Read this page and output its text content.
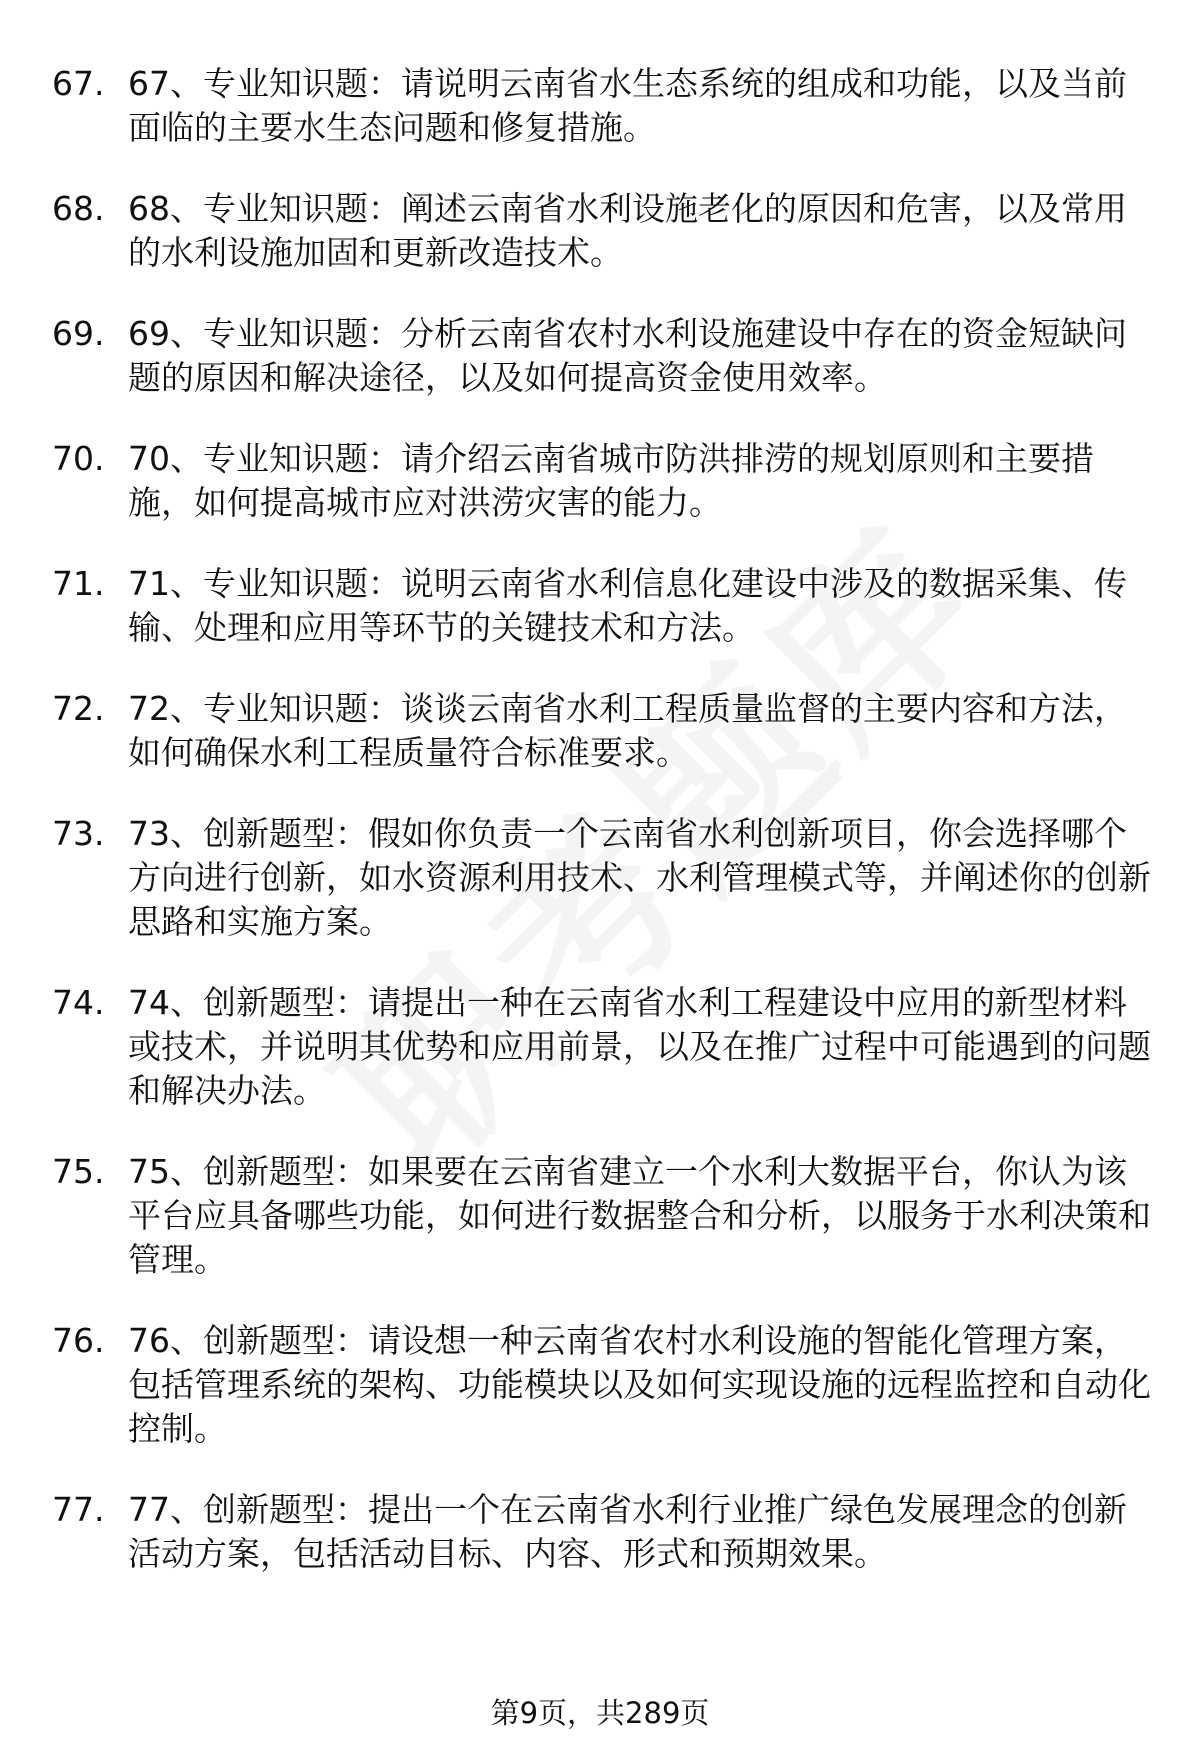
67. 67、专业知识题：请说明云南省水生态系统的组成和功能，以及当前面临的主要水生态问题和修复措施。
68. 68、专业知识题：阐述云南省水利设施老化的原因和危害，以及常用的水利设施加固和更新改造技术。
69. 69、专业知识题：分析云南省农村水利设施建设中存在的资金短缺问题的原因和解决途径，以及如何提高资金使用效率。
70. 70、专业知识题：请介绍云南省城市防洪排涝的规划原则和主要措施，如何提高城市应对洪涝灾害的能力。
71. 71、专业知识题：说明云南省水利信息化建设中涉及的数据采集、传输、处理和应用等环节的关键技术和方法。
72. 72、专业知识题：谈谈云南省水利工程质量监督的主要内容和方法，如何确保水利工程质量符合标准要求。
73. 73、创新题型：假如你负责一个云南省水利创新项目，你会选择哪个方向进行创新，如水资源利用技术、水利管理模式等，并阐述你的创新思路和实施方案。
74. 74、创新题型：请提出一种在云南省水利工程建设中应用的新型材料或技术，并说明其优势和应用前景，以及在推广过程中可能遇到的问题和解决办法。
75. 75、创新题型：如果要在云南省建立一个水利大数据平台，你认为该平台应具备哪些功能，如何进行数据整合和分析，以服务于水利决策和管理。
76. 76、创新题型：请设想一种云南省农村水利设施的智能化管理方案，包括管理系统的架构、功能模块以及如何实现设施的远程监控和自动化控制。
77. 77、创新题型：提出一个在云南省水利行业推广绿色发展理念的创新活动方案，包括活动目标、内容、形式和预期效果。
第9页，共289页
